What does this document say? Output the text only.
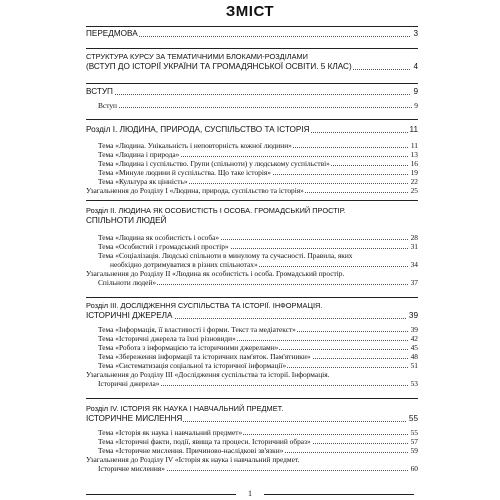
ЗМІСТ
ПЕРЕДМОВА	3
СТРУКТУРА КУРСУ ЗА ТЕМАТИЧНИМИ БЛОКАМИ-РОЗДІЛАМИ
(ВСТУП ДО ІСТОРІЇ УКРАЇНИ ТА ГРОМАДЯНСЬКОЇ ОСВІТИ. 5 КЛАС)	4
ВСТУП	9
Вступ	9
Розділ І. ЛЮДИНА, ПРИРОДА, СУСПІЛЬСТВО ТА ІСТОРІЯ	11
Тема «Людина. Унікальність і неповторність кожної людини»	11
Тема «Людина і природа»	13
Тема «Людина і суспільство. Групи (спільноти) у людському суспільстві»	16
Тема «Минуле людини й суспільства. Що таке історія»	19
Тема «Культура як цінність»	22
Узагальнення до Розділу І «Людина, природа, суспільство та історія»	25
Розділ ІІ. ЛЮДИНА ЯК ОСОБИСТІСТЬ І ОСОБА. ГРОМАДСЬКИЙ ПРОСТІР.
СПІЛЬНОТИ ЛЮДЕЙ
Тема «Людина як особистість і особа»	28
Тема «Особистий і громадський простір»	31
Тема «Соціалізація. Людські спільноти в минулому та сучасності. Правила, яких
необхідно дотримуватися в різних спільнотах»	34
Узагальнення до Розділу ІІ «Людина як особистість і особа. Громадський простір.
Спільноти людей»	37
Розділ ІІІ. ДОСЛІДЖЕННЯ СУСПІЛЬСТВА ТА ІСТОРІЇ. ІНФОРМАЦІЯ.
ІСТОРИЧНІ ДЖЕРЕЛА	39
Тема «Інформація, її властивості і форми. Текст та медіатекст»	39
Тема «Історичні джерела та їхні різновиди»	42
Тема «Робота з інформацією та історичними джерелами»	45
Тема «Збереження інформації та історичних пам'яток. Пам'ятники»	48
Тема «Систематизація соціальної та історичної інформації»	51
Узагальнення до Розділу ІІІ «Дослідження суспільства та історії. Інформація.
Історичні джерела»	53
Розділ IV. ІСТОРІЯ ЯК НАУКА І НАВЧАЛЬНИЙ ПРЕДМЕТ.
ІСТОРИЧНЕ МИСЛЕННЯ	55
Тема «Історія як наука і навчальний предмет»	55
Тема «Історичні факти, події, явища та процеси. Історичний образ»	57
Тема «Історичне мислення. Причиново-наслідкові зв'язки»	59
Узагальнення до Розділу IV «Історія як наука і навчальний предмет.
Історичне мислення»	60
1
